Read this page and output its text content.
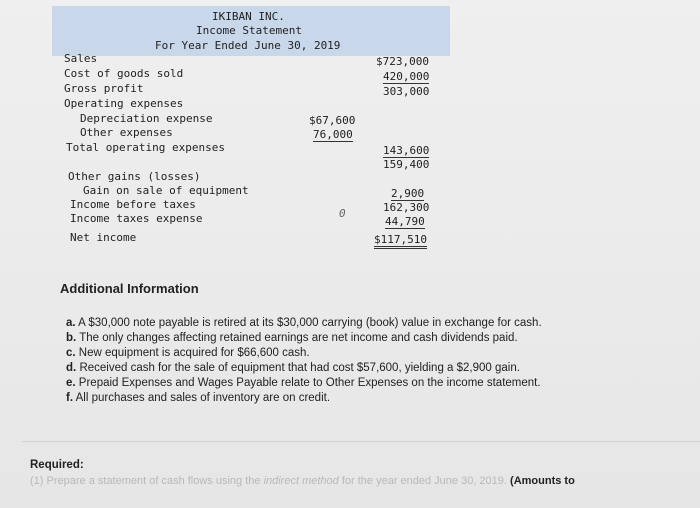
IKIBAN INC.
Income Statement
For Year Ended June 30, 2019
Sales
Cost of goods sold
Gross profit
Operating expenses
Depreciation expense
Other expenses
Total operating expenses
Other gains (losses)
Gain on sale of equipment
Income before taxes
Income taxes expense
Net income
$67,600
76,000
$723,000
420,000
303,000
143,600
159,400
2,900
162,300
44,790
$117,510
0
Additional Information
a. A $30,000 note payable is retired at its $30,000 carrying (book) value in exchange for cash.
b. The only changes affecting retained earnings are net income and cash dividends paid.
c. New equipment is acquired for $66,600 cash.
d. Received cash for the sale of equipment that had cost $57,600, yielding a $2,900 gain.
e. Prepaid Expenses and Wages Payable relate to Other Expenses on the income statement.
f. All purchases and sales of inventory are on credit.
Required:
(1) Prepare a statement of cash flows using the indirect method for the year ended June 30, 2019. (Amounts to
